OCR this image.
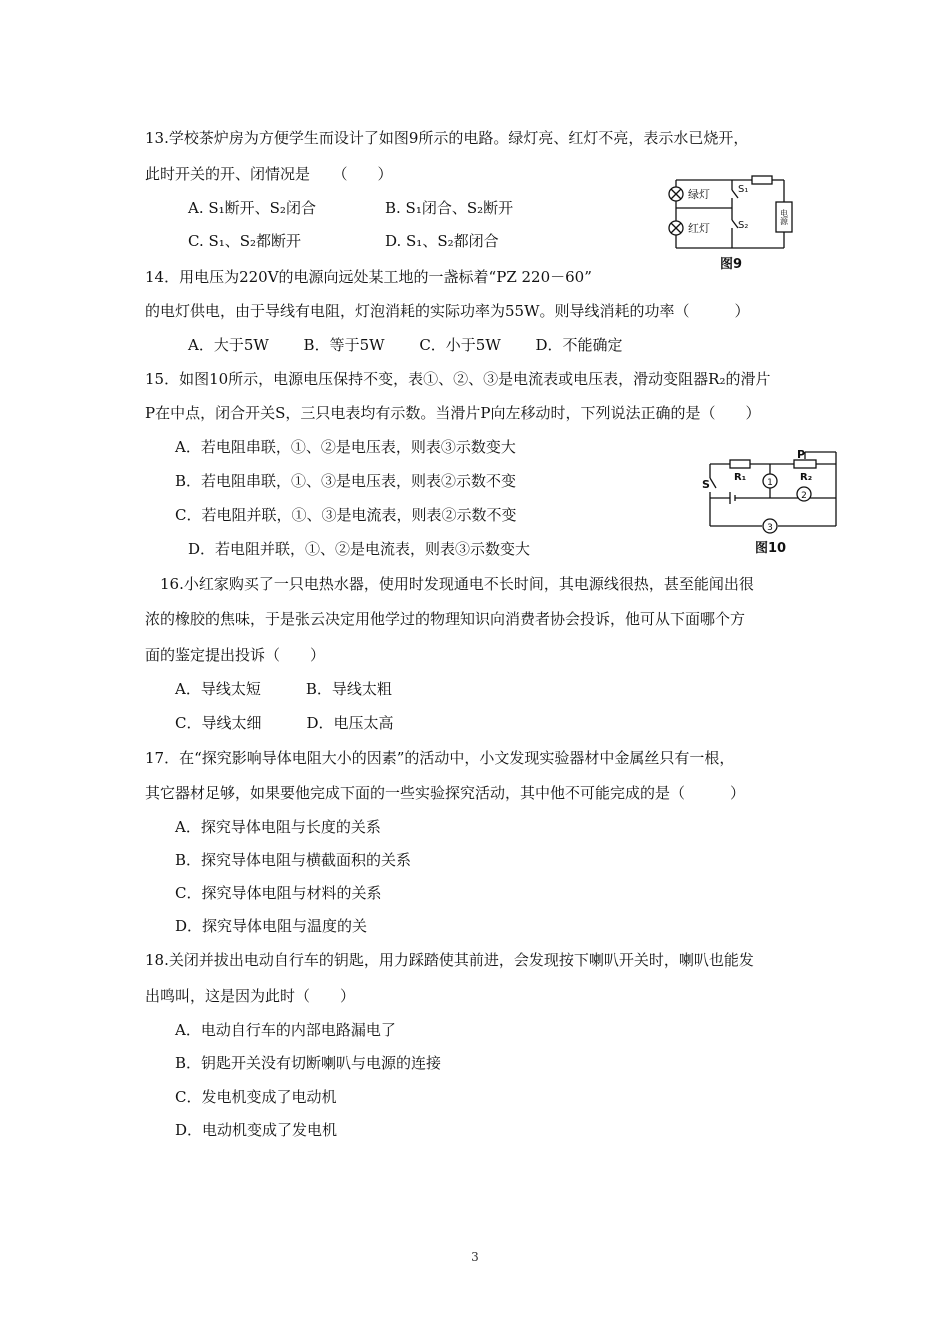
13.学校茶炉房为方便学生而设计了如图9所示的电路。绿灯亮、红灯不亮，表示水已烧开，
此时开关的开、闭情况是　　（　　）
A. S₁断开、S₂闭合	B. S₁闭合、S₂断开
C. S₁、S₂都断开	D. S₁、S₂都闭合
绿灯
红灯
S₁
S₂
电源
图9
14．用电压为220V的电源向远处某工地的一盏标着“PZ 220－60”
的电灯供电，由于导线有电阻，灯泡消耗的实际功率为55W。则导线消耗的功率（　　　）
A．大于5W　　 B．等于5W　　 C．小于5W　　 D．不能确定
15．如图10所示，电源电压保持不变，表①、②、③是电流表或电压表，滑动变阻器R₂的滑片
P在中点，闭合开关S，三只电表均有示数。当滑片P向左移动时，下列说法正确的是（　　）
A．若电阻串联，①、②是电压表，则表③示数变大
B．若电阻串联，①、③是电压表，则表②示数不变
C．若电阻并联，①、③是电流表，则表②示数不变
D．若电阻并联，①、②是电流表，则表③示数变大
S
R₁	R₂
P
1
2
3
图10
16.小红家购买了一只电热水器，使用时发现通电不长时间，其电源线很热，甚至能闻出很
浓的橡胶的焦味，于是张云决定用他学过的物理知识向消费者协会投诉，他可从下面哪个方
面的鉴定提出投诉（　　）
A．导线太短　　　B．导线太粗
C．导线太细　　　D．电压太高
17．在“探究影响导体电阻大小的因素”的活动中，小文发现实验器材中金属丝只有一根，
其它器材足够，如果要他完成下面的一些实验探究活动，其中他不可能完成的是（　　　）
A．探究导体电阻与长度的关系
B．探究导体电阻与横截面积的关系
C．探究导体电阻与材料的关系
D．探究导体电阻与温度的关
18.关闭并拔出电动自行车的钥匙，用力踩踏使其前进，会发现按下喇叭开关时，喇叭也能发
出鸣叫，这是因为此时（　　）
A．电动自行车的内部电路漏电了
B．钥匙开关没有切断喇叭与电源的连接
C．发电机变成了电动机
D．电动机变成了发电机
3
